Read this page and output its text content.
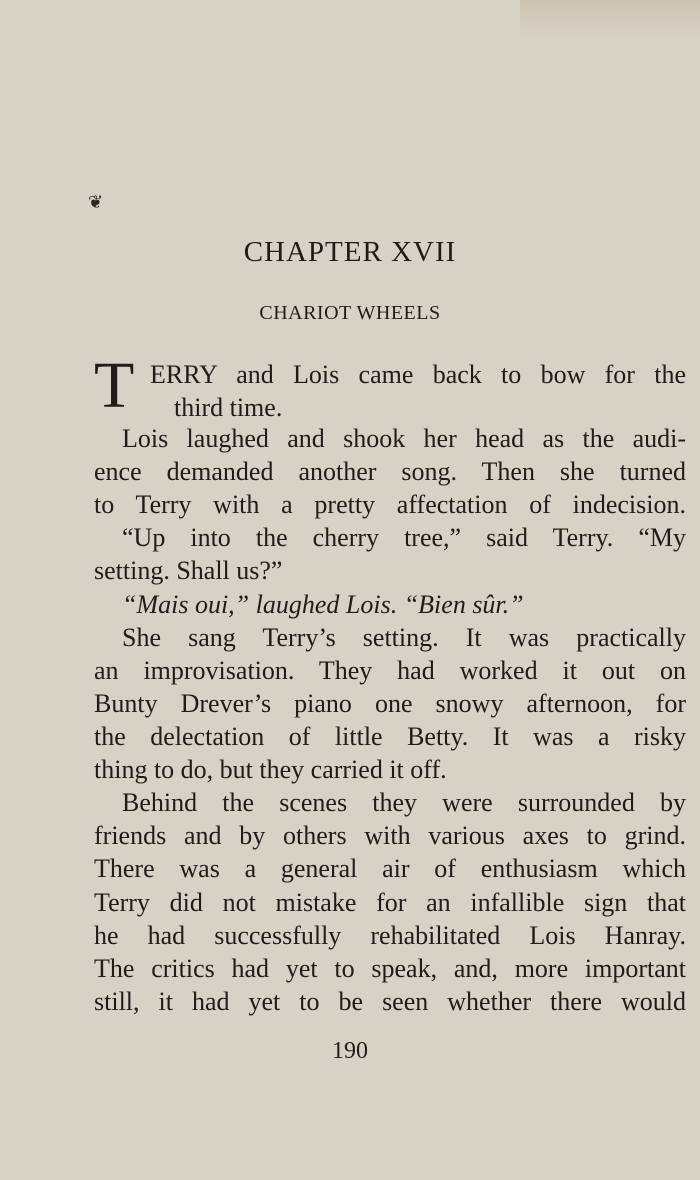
❦
CHAPTER XVII
CHARIOT WHEELS
T ERRY and Lois came back to bow for the
third time.
Lois laughed and shook her head as the audi-
ence demanded another song. Then she turned
to Terry with a pretty affectation of indecision.
“Up into the cherry tree,” said Terry. “My
setting. Shall us?”
“Mais oui,” laughed Lois. “Bien sûr.”
She sang Terry’s setting. It was practically
an improvisation. They had worked it out on
Bunty Drever’s piano one snowy afternoon, for
the delectation of little Betty. It was a risky
thing to do, but they carried it off.
Behind the scenes they were surrounded by
friends and by others with various axes to grind.
There was a general air of enthusiasm which
Terry did not mistake for an infallible sign that
he had successfully rehabilitated Lois Hanray.
The critics had yet to speak, and, more important
still, it had yet to be seen whether there would
190
